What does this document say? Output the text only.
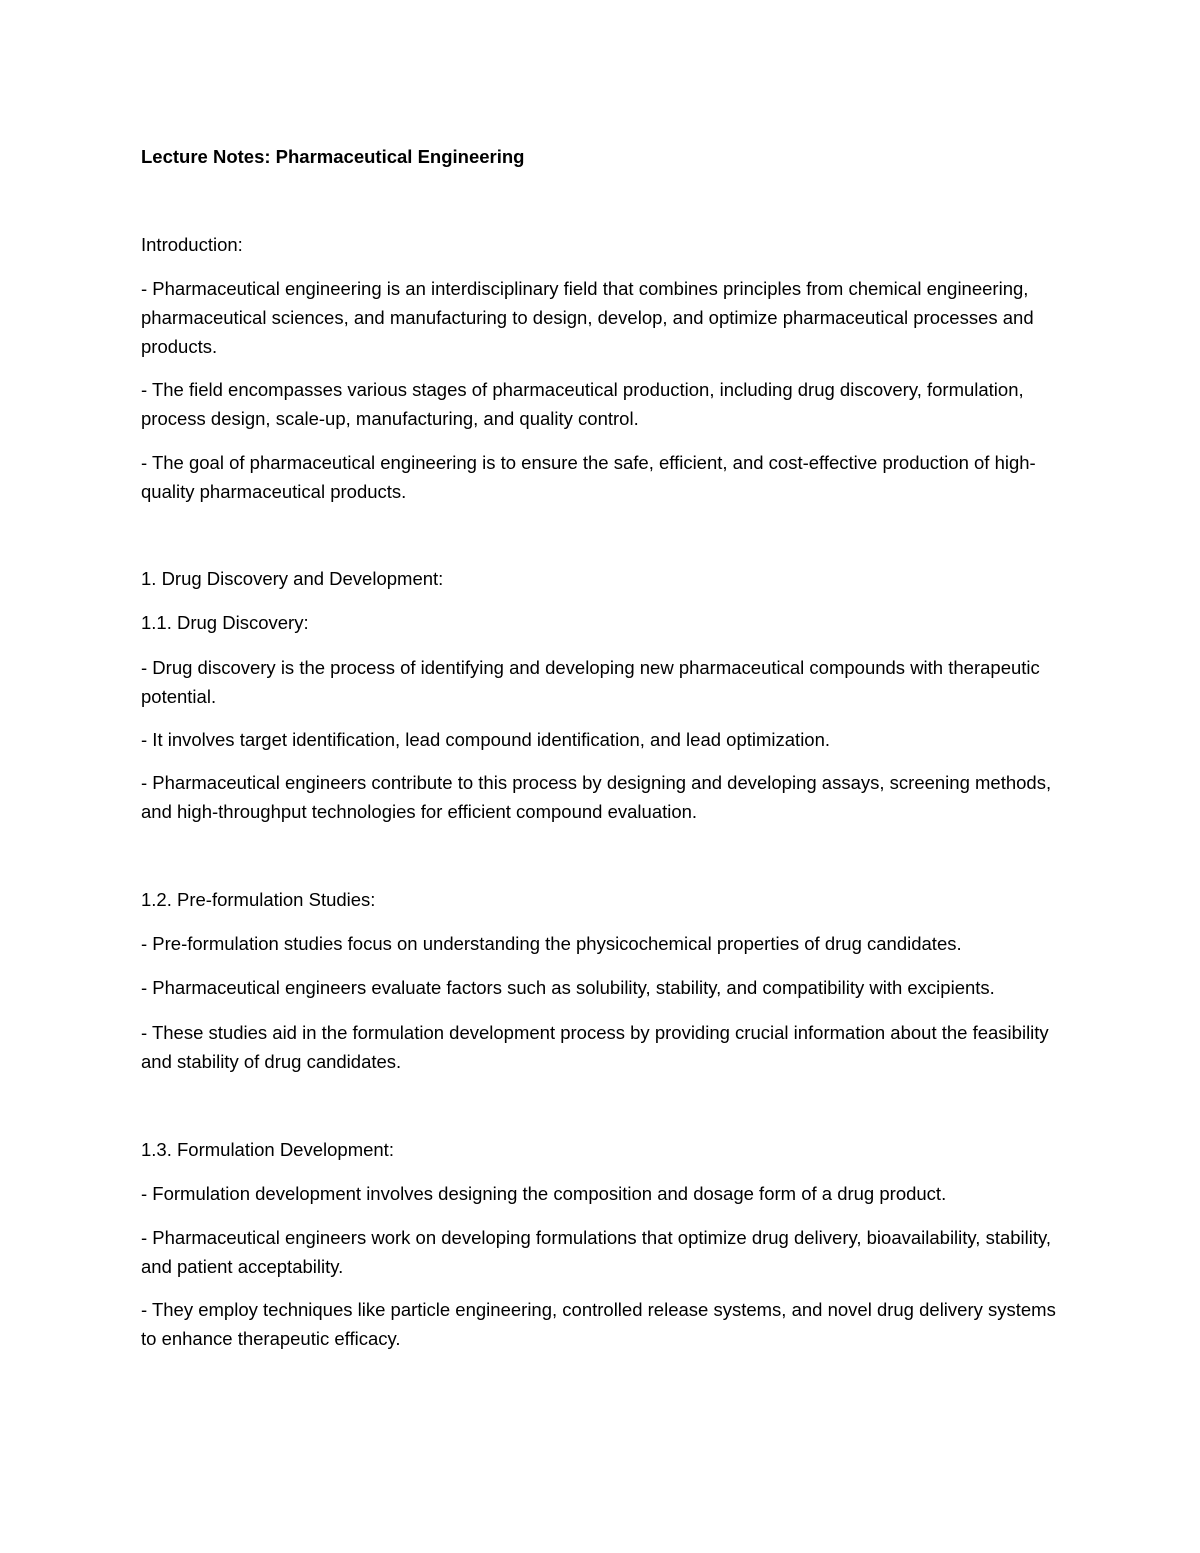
Lecture Notes: Pharmaceutical Engineering

Introduction:

- Pharmaceutical engineering is an interdisciplinary field that combines principles from chemical engineering, pharmaceutical sciences, and manufacturing to design, develop, and optimize pharmaceutical processes and products.

- The field encompasses various stages of pharmaceutical production, including drug discovery, formulation, process design, scale-up, manufacturing, and quality control.

- The goal of pharmaceutical engineering is to ensure the safe, efficient, and cost-effective production of high-quality pharmaceutical products.

1. Drug Discovery and Development:

1.1. Drug Discovery:

- Drug discovery is the process of identifying and developing new pharmaceutical compounds with therapeutic potential.

- It involves target identification, lead compound identification, and lead optimization.

- Pharmaceutical engineers contribute to this process by designing and developing assays, screening methods, and high-throughput technologies for efficient compound evaluation.

1.2. Pre-formulation Studies:

- Pre-formulation studies focus on understanding the physicochemical properties of drug candidates.

- Pharmaceutical engineers evaluate factors such as solubility, stability, and compatibility with excipients.

- These studies aid in the formulation development process by providing crucial information about the feasibility and stability of drug candidates.

1.3. Formulation Development:

- Formulation development involves designing the composition and dosage form of a drug product.

- Pharmaceutical engineers work on developing formulations that optimize drug delivery, bioavailability, stability, and patient acceptability.

- They employ techniques like particle engineering, controlled release systems, and novel drug delivery systems to enhance therapeutic efficacy.
